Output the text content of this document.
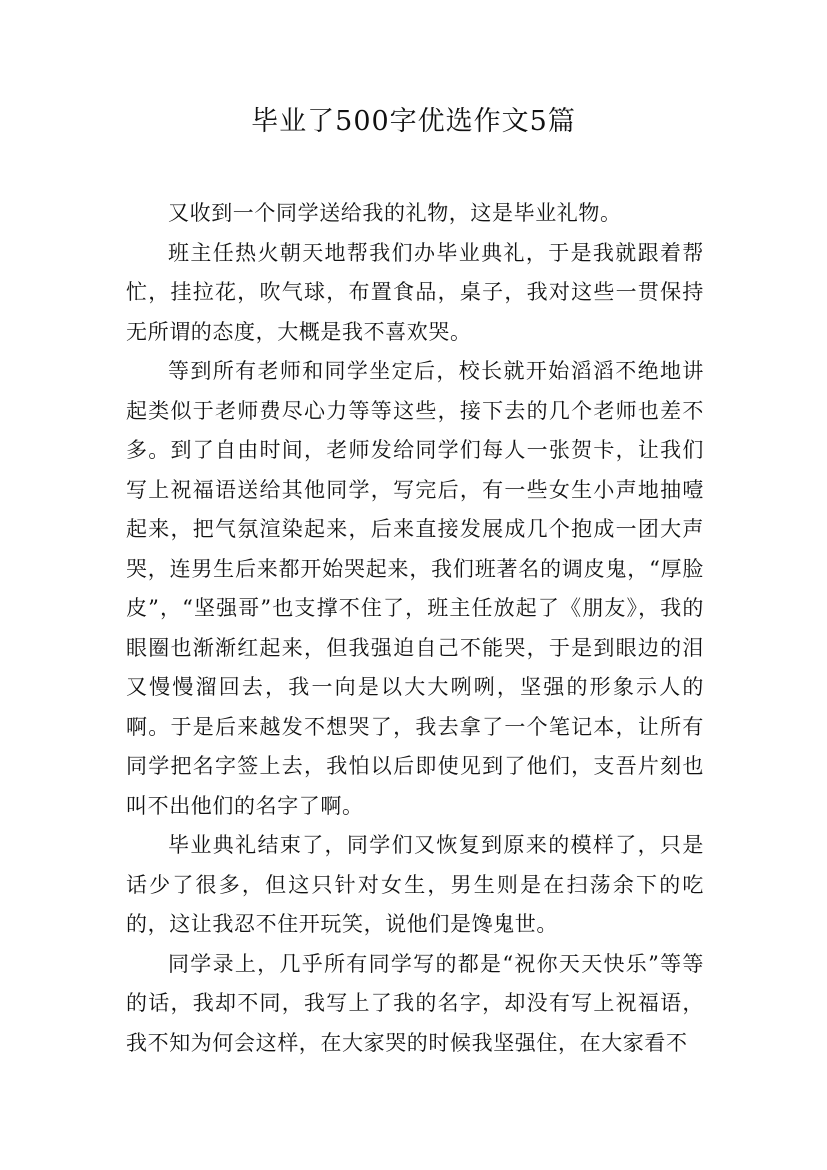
毕业了500字优选作文5篇

又收到一个同学送给我的礼物，这是毕业礼物。

班主任热火朝天地帮我们办毕业典礼，于是我就跟着帮忙，挂拉花，吹气球，布置食品，桌子，我对这些一贯保持无所谓的态度，大概是我不喜欢哭。

等到所有老师和同学坐定后，校长就开始滔滔不绝地讲起类似于老师费尽心力等等这些，接下去的几个老师也差不多。到了自由时间，老师发给同学们每人一张贺卡，让我们写上祝福语送给其他同学，写完后，有一些女生小声地抽噎起来，把气氛渲染起来，后来直接发展成几个抱成一团大声哭，连男生后来都开始哭起来，我们班著名的调皮鬼，“厚脸皮”，“坚强哥”也支撑不住了，班主任放起了《朋友》，我的眼圈也渐渐红起来，但我强迫自己不能哭，于是到眼边的泪又慢慢溜回去，我一向是以大大咧咧，坚强的形象示人的啊。于是后来越发不想哭了，我去拿了一个笔记本，让所有同学把名字签上去，我怕以后即使见到了他们，支吾片刻也叫不出他们的名字了啊。

毕业典礼结束了，同学们又恢复到原来的模样了，只是话少了很多，但这只针对女生，男生则是在扫荡余下的吃的，这让我忍不住开玩笑，说他们是馋鬼世。

同学录上，几乎所有同学写的都是“祝你天天快乐”等等的话，我却不同，我写上了我的名字，却没有写上祝福语，我不知为何会这样，在大家哭的时候我坚强住，在大家看不
